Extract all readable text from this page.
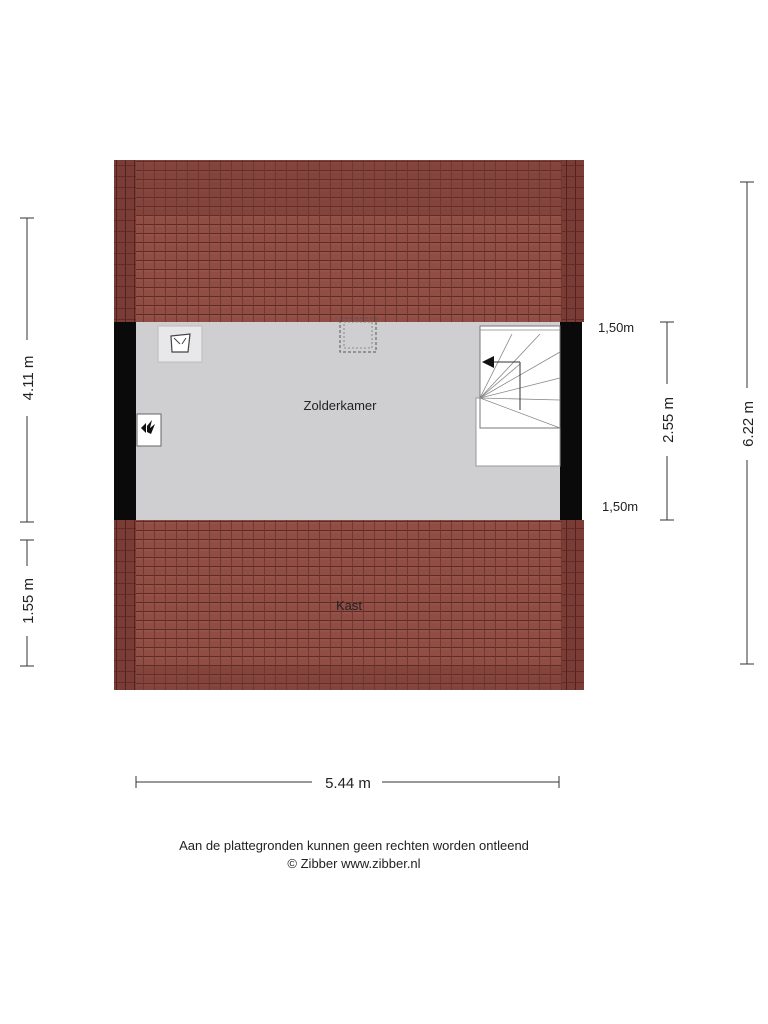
Zolderkamer
Kast
1,50m
1,50m
4.11 m
1.55 m
2.55 m	6.22 m
5.44 m
Aan de plattegronden kunnen geen rechten worden ontleend
© Zibber www.zibber.nl
